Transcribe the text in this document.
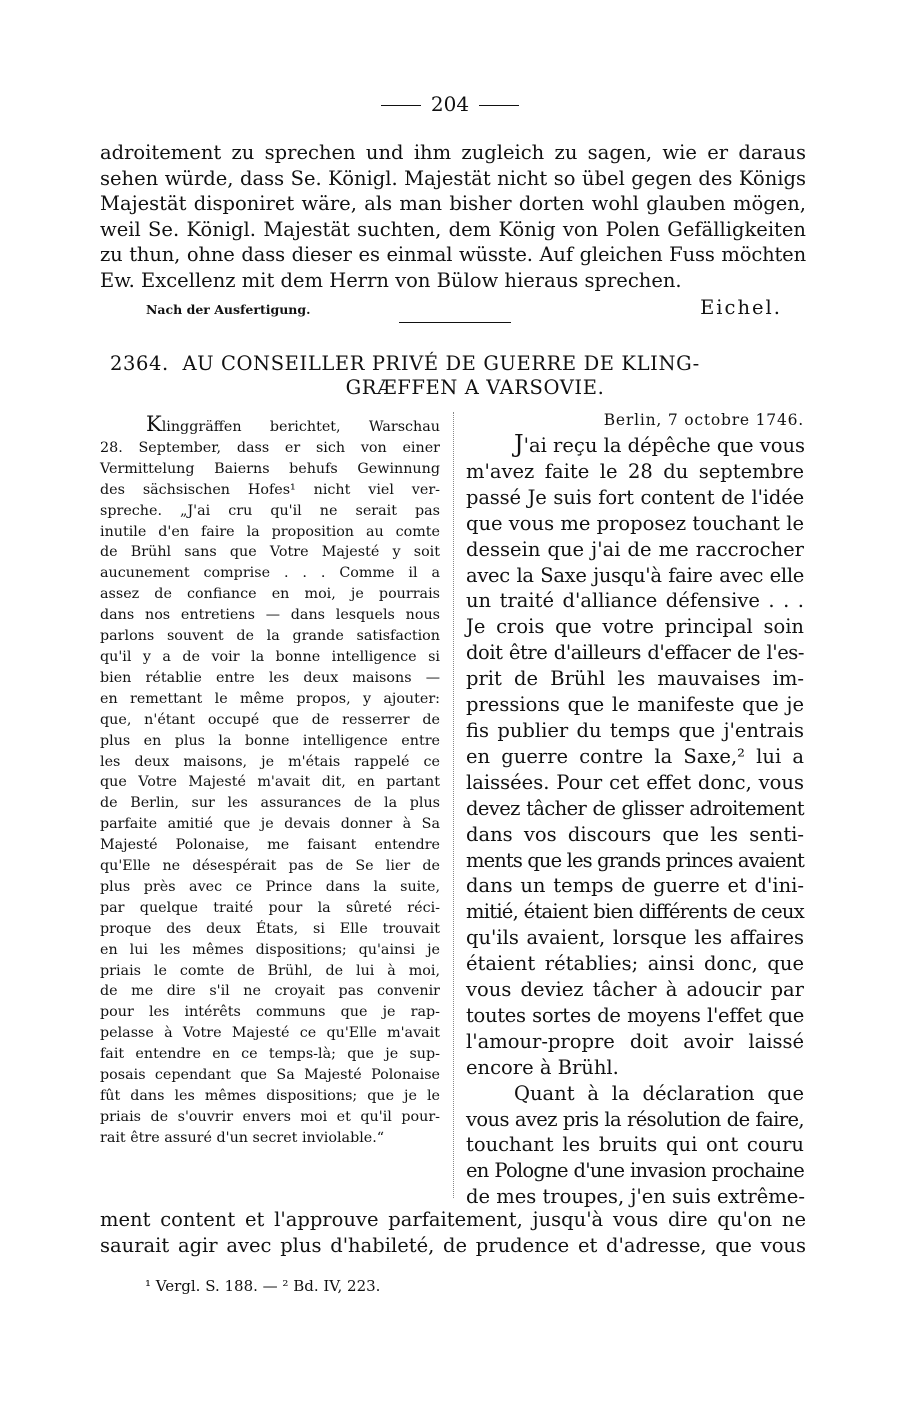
204
adroitement zu sprechen und ihm zugleich zu sagen, wie er daraus
sehen würde, dass Se. Königl. Majestät nicht so übel gegen des Königs
Majestät disponiret wäre, als man bisher dorten wohl glauben mögen,
weil Se. Königl. Majestät suchten, dem König von Polen Gefälligkeiten
zu thun, ohne dass dieser es einmal wüsste. Auf gleichen Fuss möchten
Ew. Excellenz mit dem Herrn von Bülow hieraus sprechen.
Nach der Ausfertigung.	Eichel.
2364. AU CONSEILLER PRIVÉ DE GUERRE DE KLING-
GRÆFFEN A VARSOVIE.
Klinggräffen berichtet, Warschau
28. September, dass er sich von einer
Vermittelung Baierns behufs Gewinnung
des sächsischen Hofes¹ nicht viel ver-
spreche. „J'ai cru qu'il ne serait pas
inutile d'en faire la proposition au comte
de Brühl sans que Votre Majesté y soit
aucunement comprise . . . Comme il a
assez de confiance en moi, je pourrais
dans nos entretiens — dans lesquels nous
parlons souvent de la grande satisfaction
qu'il y a de voir la bonne intelligence si
bien rétablie entre les deux maisons —
en remettant le même propos, y ajouter:
que, n'étant occupé que de resserrer de
plus en plus la bonne intelligence entre
les deux maisons, je m'étais rappelé ce
que Votre Majesté m'avait dit, en partant
de Berlin, sur les assurances de la plus
parfaite amitié que je devais donner à Sa
Majesté Polonaise, me faisant entendre
qu'Elle ne désespérait pas de Se lier de
plus près avec ce Prince dans la suite,
par quelque traité pour la sûreté réci-
proque des deux États, si Elle trouvait
en lui les mêmes dispositions; qu'ainsi je
priais le comte de Brühl, de lui à moi,
de me dire s'il ne croyait pas convenir
pour les intérêts communs que je rap-
pelasse à Votre Majesté ce qu'Elle m'avait
fait entendre en ce temps-là; que je sup-
posais cependant que Sa Majesté Polonaise
fût dans les mêmes dispositions; que je le
priais de s'ouvrir envers moi et qu'il pour-
rait être assuré d'un secret inviolable.“
Berlin, 7 octobre 1746.
J'ai reçu la dépêche que vous
m'avez faite le 28 du septembre
passé Je suis fort content de l'idée
que vous me proposez touchant le
dessein que j'ai de me raccrocher
avec la Saxe jusqu'à faire avec elle
un traité d'alliance défensive . . .
Je crois que votre principal soin
doit être d'ailleurs d'effacer de l'es-
prit de Brühl les mauvaises im-
pressions que le manifeste que je
fis publier du temps que j'entrais
en guerre contre la Saxe,² lui a
laissées. Pour cet effet donc, vous
devez tâcher de glisser adroitement
dans vos discours que les senti-
ments que les grands princes avaient
dans un temps de guerre et d'ini-
mitié, étaient bien différents de ceux
qu'ils avaient, lorsque les affaires
étaient rétablies; ainsi donc, que
vous deviez tâcher à adoucir par
toutes sortes de moyens l'effet que
l'amour-propre doit avoir laissé
encore à Brühl.
Quant à la déclaration que
vous avez pris la résolution de faire,
touchant les bruits qui ont couru
en Pologne d'une invasion prochaine
de mes troupes, j'en suis extrême-
ment content et l'approuve parfaitement, jusqu'à vous dire qu'on ne
saurait agir avec plus d'habileté, de prudence et d'adresse, que vous
¹ Vergl. S. 188. — ² Bd. IV, 223.
